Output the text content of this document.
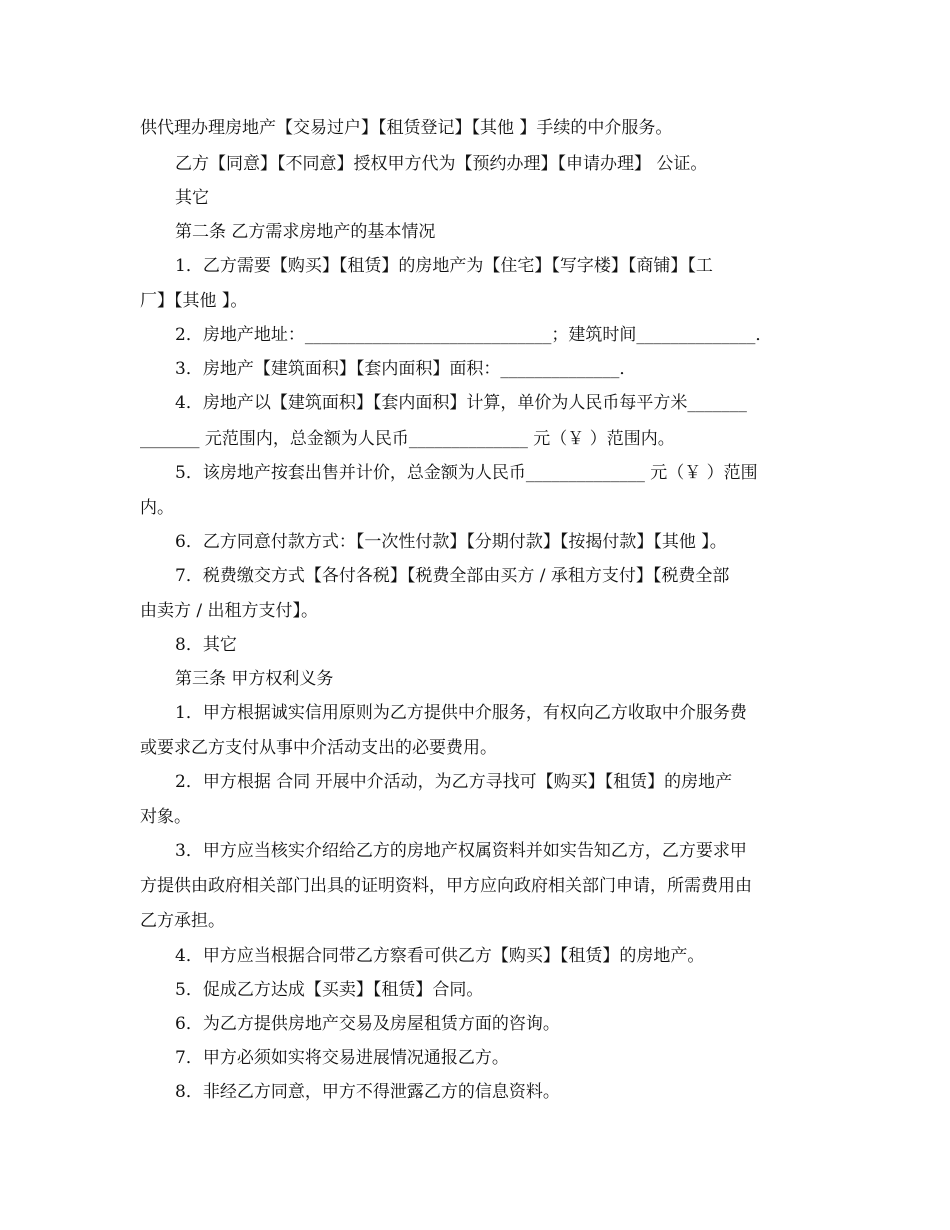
供代理办理房地产【交易过户】【租赁登记】【其他 】手续的中介服务。
乙方【同意】【不同意】授权甲方代为【预约办理】【申请办理】 公证。
其它
第二条 乙方需求房地产的基本情况
1．乙方需要【购买】【租赁】的房地产为【住宅】【写字楼】【商铺】【工
厂】【其他 】。
2．房地产地址：_____________________________；建筑时间______________．
3．房地产【建筑面积】【套内面积】面积：______________．
4．房地产以【建筑面积】【套内面积】计算，单价为人民币每平方米_______
_______ 元范围内，总金额为人民币______________ 元（￥ ）范围内。
5．该房地产按套出售并计价，总金额为人民币______________ 元（￥ ）范围
内。
6．乙方同意付款方式：【一次性付款】【分期付款】【按揭付款】【其他 】。
7．税费缴交方式【各付各税】【税费全部由买方 / 承租方支付】【税费全部
由卖方 / 出租方支付】。
8．其它
第三条 甲方权利义务
1．甲方根据诚实信用原则为乙方提供中介服务，有权向乙方收取中介服务费
或要求乙方支付从事中介活动支出的必要费用。
2．甲方根据 合同 开展中介活动，为乙方寻找可【购买】【租赁】的房地产
对象。
3．甲方应当核实介绍给乙方的房地产权属资料并如实告知乙方，乙方要求甲
方提供由政府相关部门出具的证明资料，甲方应向政府相关部门申请，所需费用由
乙方承担。
4．甲方应当根据合同带乙方察看可供乙方【购买】【租赁】的房地产。
5．促成乙方达成【买卖】【租赁】合同。
6．为乙方提供房地产交易及房屋租赁方面的咨询。
7．甲方必须如实将交易进展情况通报乙方。
8．非经乙方同意，甲方不得泄露乙方的信息资料。
